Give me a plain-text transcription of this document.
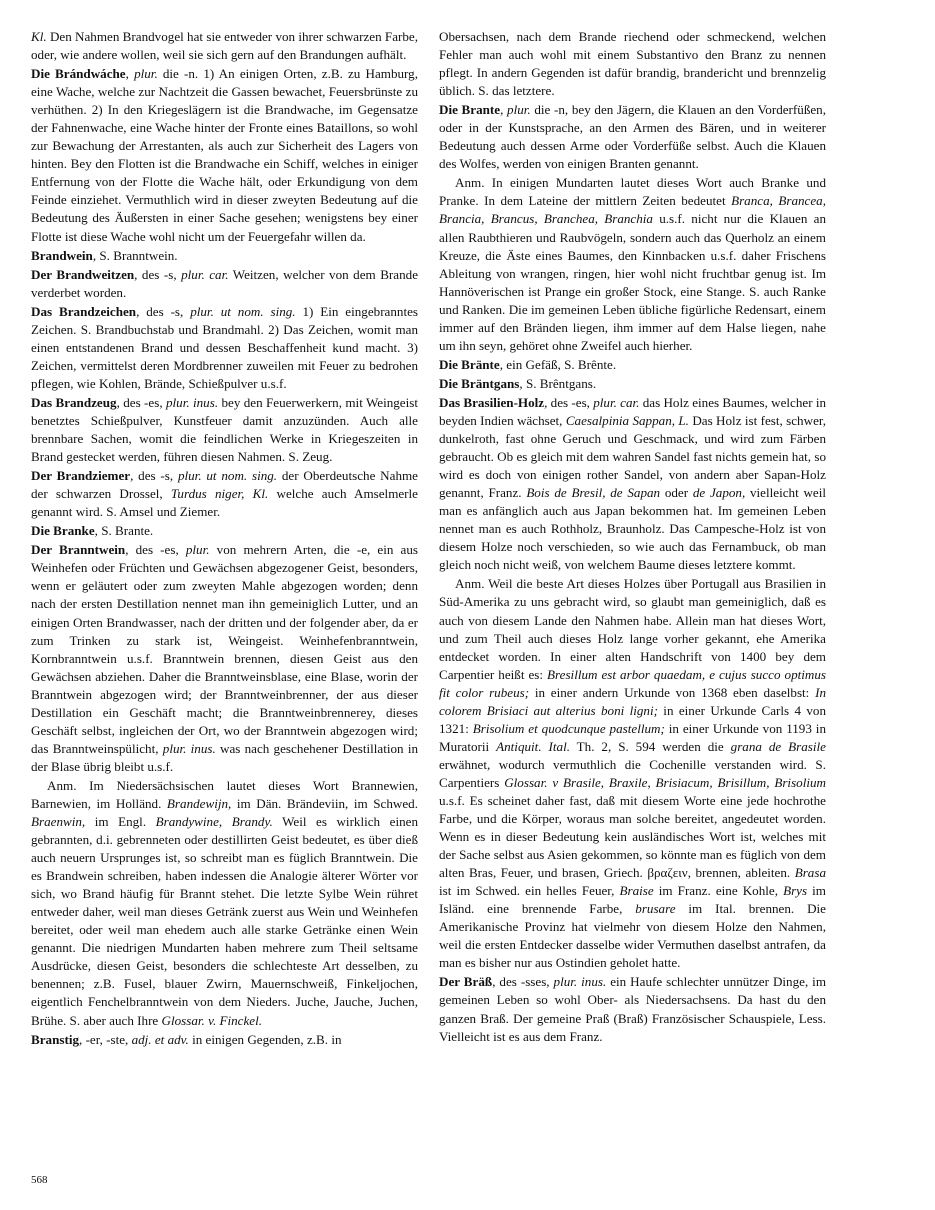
Kl. Den Nahmen Brandvogel hat sie entweder von ihrer schwarzen Farbe, oder, wie andere wollen, weil sie sich gern auf den Brandungen aufhält.
Die Brándwáche, plur. die -n. 1) An einigen Orten, z.B. zu Hamburg, eine Wache, welche zur Nachtzeit die Gassen bewachet, Feuersbrünste zu verhüthen. 2) In den Kriegeslägern ist die Brandwache, im Gegensatze der Fahnenwache, eine Wache hinter der Fronte eines Bataillons, so wohl zur Bewachung der Arrestanten, als auch zur Sicherheit des Lagers von hinten. Bey den Flotten ist die Brandwache ein Schiff, welches in einiger Entfernung von der Flotte die Wache hält, oder Erkundigung von dem Feinde einziehet. Vermuthlich wird in dieser zweyten Bedeutung auf die Bedeutung des Äußersten in einer Sache gesehen; wenigstens bey einer Flotte ist diese Wache wohl nicht um der Feuergefahr willen da.
Brandwein, S. Branntwein.
Der Brandweitzen, des -s, plur. car. Weitzen, welcher von dem Brande verderbet worden.
Das Brandzeichen, des -s, plur. ut nom. sing. 1) Ein eingebranntes Zeichen. S. Brandbuchstab und Brandmahl. 2) Das Zeichen, womit man einen entstandenen Brand und dessen Beschaffenheit kund macht. 3) Zeichen, vermittelst deren Mordbrenner zuweilen mit Feuer zu bedrohen pflegen, wie Kohlen, Brände, Schießpulver u.s.f.
Das Brandzeug, des -es, plur. inus. bey den Feuerwerkern, mit Weingeist benetztes Schießpulver, Kunstfeuer damit anzuzünden. Auch alle brennbare Sachen, womit die feindlichen Werke in Kriegeszeiten in Brand gestecket werden, führen diesen Nahmen. S. Zeug.
Der Brandziemer, des -s, plur. ut nom. sing. der Oberdeutsche Nahme der schwarzen Drossel, Turdus niger, Kl. welche auch Amselmerle genannt wird. S. Amsel und Ziemer.
Die Branke, S. Brante.
Der Branntwein, des -es, plur. von mehrern Arten, die -e, ein aus Weinhefen oder Früchten und Gewächsen abgezogener Geist, besonders, wenn er geläutert oder zum zweyten Mahle abgezogen worden; denn nach der ersten Destillation nennet man ihn gemeiniglich Lutter, und an einigen Orten Brandwasser, nach der dritten und der folgender aber, da er zum Trinken zu stark ist, Weingeist. Weinhefenbranntwein, Kornbranntwein u.s.f. Branntwein brennen, diesen Geist aus den Gewächsen abziehen. Daher die Branntweinsblase, eine Blase, worin der Branntwein abgezogen wird; der Branntweinbrenner, der aus dieser Destillation ein Geschäft macht; die Branntweinbrennerey, dieses Geschäft selbst, ingleichen der Ort, wo der Branntwein abgezogen wird; das Branntweinspülicht, plur. inus. was nach geschehener Destillation in der Blase übrig bleibt u.s.f.
Anm. Im Niedersächsischen lautet dieses Wort Brannewien, Barnewien, im Holländ. Brandewijn, im Dän. Brändeviin, im Schwed. Braenwin, im Engl. Brandywine, Brandy. Weil es wirklich einen gebrannten, d.i. gebrenneten oder destillirten Geist bedeutet, es über dieß auch neuern Ursprunges ist, so schreibt man es füglich Branntwein. Die es Brandwein schreiben, haben indessen die Analogie älterer Wörter vor sich, wo Brand häufig für Brannt stehet. Die letzte Sylbe Wein rühret entweder daher, weil man dieses Getränk zuerst aus Wein und Weinhefen bereitet, oder weil man ehedem auch alle starke Getränke einen Wein genannt. Die niedrigen Mundarten haben mehrere zum Theil seltsame Ausdrücke, diesen Geist, besonders die schlechteste Art desselben, zu benennen; z.B. Fusel, blauer Zwirn, Mauernschweiß, Finkeljochen, eigentlich Fenchelbranntwein von dem Nieders. Juche, Jauche, Juchen, Brühe. S. aber auch Ihre Glossar. v. Finckel.
Branstig, -er, -ste, adj. et adv. in einigen Gegenden, z.B. in
Obersachsen, nach dem Brande riechend oder schmeckend, welchen Fehler man auch wohl mit einem Substantivo den Branz zu nennen pflegt. In andern Gegenden ist dafür brandig, brandericht und brennzelig üblich. S. das letztere.
Die Brante, plur. die -n, bey den Jägern, die Klauen an den Vorderfüßen, oder in der Kunstsprache, an den Armen des Bären, und in weiterer Bedeutung auch dessen Arme oder Vorderfüße selbst. Auch die Klauen des Wolfes, werden von einigen Branten genannt.
Anm. In einigen Mundarten lautet dieses Wort auch Branke und Pranke. In dem Lateine der mittlern Zeiten bedeutet Branca, Brancea, Brancia, Brancus, Branchea, Branchia u.s.f. nicht nur die Klauen an allen Raubthieren und Raubvögeln, sondern auch das Querholz an einem Kreuze, die Äste eines Baumes, den Kinnbacken u.s.f. daher Frischens Ableitung von wrangen, ringen, hier wohl nicht fruchtbar genug ist. Im Hannöverischen ist Prange ein großer Stock, eine Stange. S. auch Ranke und Ranken. Die im gemeinen Leben übliche figürliche Redensart, einem immer auf den Bränden liegen, ihm immer auf dem Halse liegen, nahe um ihn seyn, gehöret ohne Zweifel auch hierher.
Die Bränte, ein Gefäß, S. Brênte.
Die Bräntgans, S. Brêntgans.
Das Brasilien-Holz, des -es, plur. car. das Holz eines Baumes, welcher in beyden Indien wächset, Caesalpinia Sappan, L. Das Holz ist fest, schwer, dunkelroth, fast ohne Geruch und Geschmack, und wird zum Färben gebraucht. Ob es gleich mit dem wahren Sandel fast nichts gemein hat, so wird es doch von einigen rother Sandel, von andern aber Sapan-Holz genannt, Franz. Bois de Bresil, de Sapan oder de Japon, vielleicht weil man es anfänglich auch aus Japan bekommen hat. Im gemeinen Leben nennet man es auch Rothholz, Braunholz. Das Campesche-Holz ist von diesem Holze noch verschieden, so wie auch das Fernambuck, ob man gleich noch nicht weiß, von welchem Baume dieses letztere kommt.
Anm. Weil die beste Art dieses Holzes über Portugall aus Brasilien in Süd-Amerika zu uns gebracht wird, so glaubt man gemeiniglich, daß es auch von diesem Lande den Nahmen habe. Allein man hat dieses Wort, und zum Theil auch dieses Holz lange vorher gekannt, ehe Amerika entdecket worden. In einer alten Handschrift von 1400 bey dem Carpentier heißt es: Bresillum est arbor quaedam, e cujus succo optimus fit color rubeus; in einer andern Urkunde von 1368 eben daselbst: In colorem Brisiaci aut alterius boni ligni; in einer Urkunde Carls 4 von 1321: Brisolium et quodcunque pastellum; in einer Urkunde von 1193 in Muratorii Antiquit. Ital. Th. 2, S. 594 werden die grana de Brasile erwähnet, wodurch vermuthlich die Cochenille verstanden wird. S. Carpentiers Glossar. v Brasile, Braxile, Brisiacum, Brisillum, Brisolium u.s.f. Es scheinet daher fast, daß mit diesem Worte eine jede hochrothe Farbe, und die Körper, woraus man solche bereitet, angedeutet worden. Wenn es in dieser Bedeutung kein ausländisches Wort ist, welches mit der Sache selbst aus Asien gekommen, so könnte man es füglich von dem alten Bras, Feuer, und brasen, Griech. βραζειν, brennen, ableiten. Brasa ist im Schwed. ein helles Feuer, Braise im Franz. eine Kohle, Brys im Isländ. eine brennende Farbe, brusare im Ital. brennen. Die Amerikanische Provinz hat vielmehr von diesem Holze den Nahmen, weil die ersten Entdecker dasselbe wider Vermuthen daselbst antrafen, da man es bisher nur aus Ostindien geholet hatte.
Der Bräß, des -sses, plur. inus. ein Haufe schlechter unnützer Dinge, im gemeinen Leben so wohl Ober- als Niedersachsens. Da hast du den ganzen Braß. Der gemeine Praß (Braß) Französischer Schauspiele, Less. Vielleicht ist es aus dem Franz.
568
